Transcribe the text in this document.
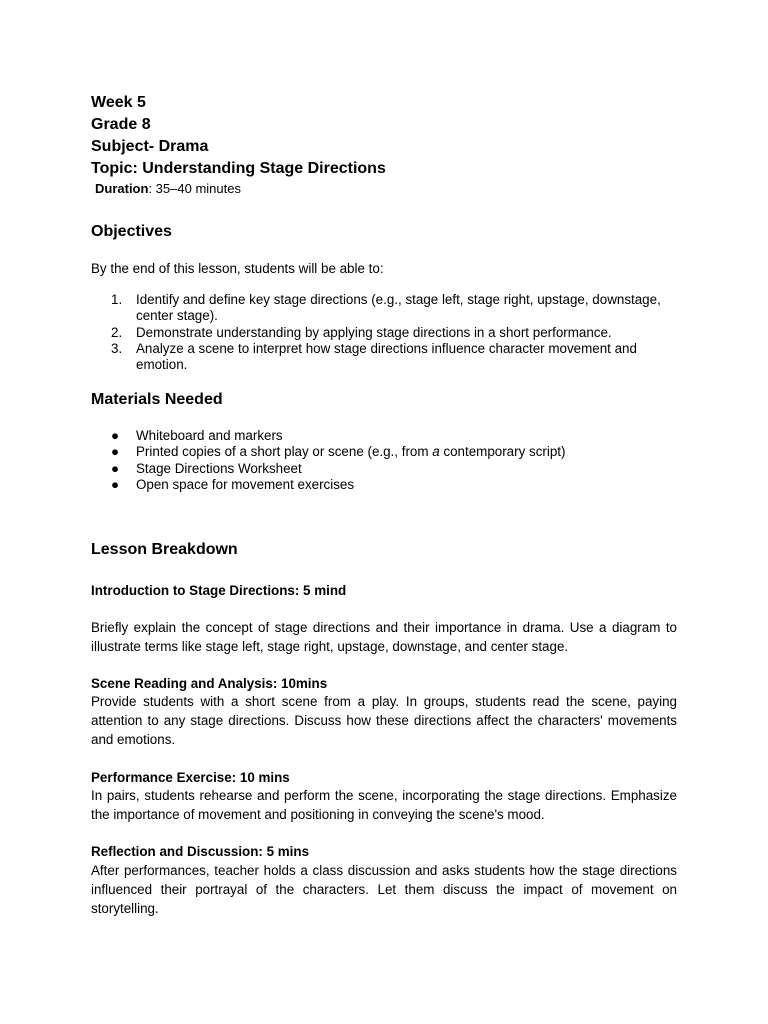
Week 5
Grade 8
Subject- Drama
Topic: Understanding Stage Directions
Duration: 35–40 minutes
Objectives
By the end of this lesson, students will be able to:
1. Identify and define key stage directions (e.g., stage left, stage right, upstage, downstage, center stage).
2. Demonstrate understanding by applying stage directions in a short performance.
3. Analyze a scene to interpret how stage directions influence character movement and emotion.
Materials Needed
● Whiteboard and markers
● Printed copies of a short play or scene (e.g., from a contemporary script)
● Stage Directions Worksheet
● Open space for movement exercises
Lesson Breakdown
Introduction to Stage Directions: 5 mind
Briefly explain the concept of stage directions and their importance in drama. Use a diagram to illustrate terms like stage left, stage right, upstage, downstage, and center stage.
Scene Reading and Analysis: 10mins
Provide students with a short scene from a play. In groups, students read the scene, paying attention to any stage directions. Discuss how these directions affect the characters' movements and emotions.
Performance Exercise: 10 mins
In pairs, students rehearse and perform the scene, incorporating the stage directions. Emphasize the importance of movement and positioning in conveying the scene's mood.
Reflection and Discussion: 5 mins
After performances, teacher holds a class discussion and asks students how the stage directions influenced their portrayal of the characters. Let them discuss the impact of movement on storytelling.
